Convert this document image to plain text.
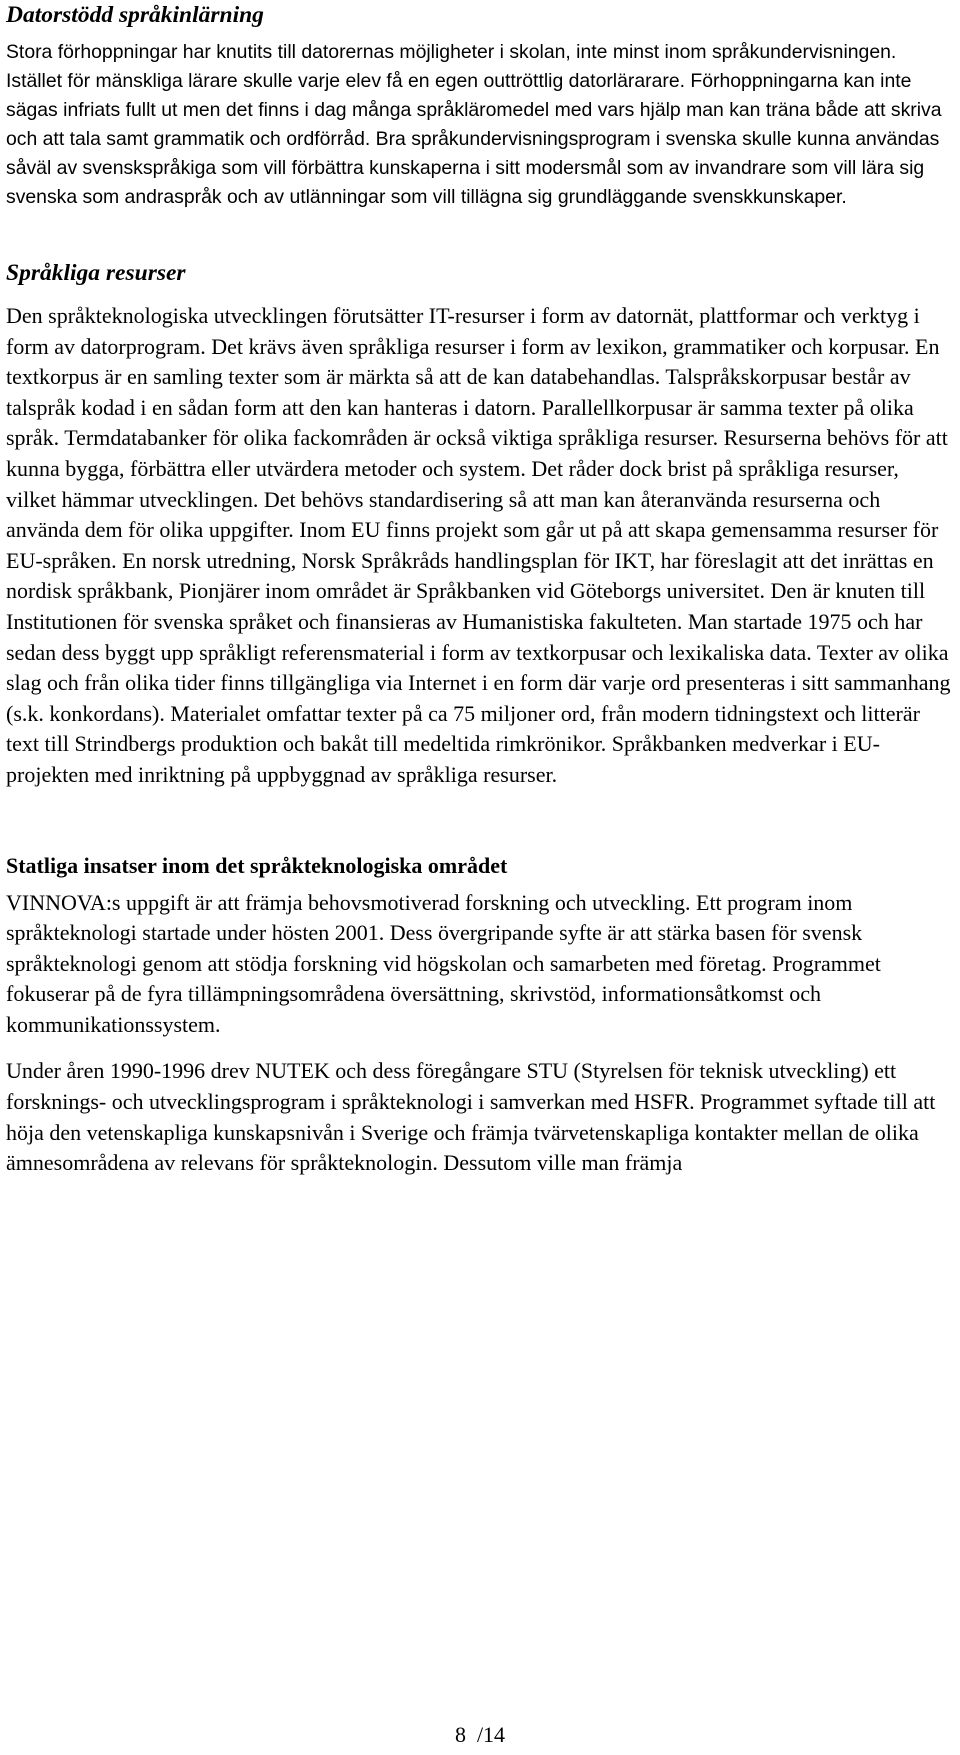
Datorstödd språkinlärning

Stora förhoppningar har knutits till datorernas möjligheter i skolan, inte minst inom språkundervisningen. Istället för mänskliga lärare skulle varje elev få en egen outtröttlig datorlärarare. Förhoppningarna kan inte sägas infriats fullt ut men det finns i dag många språkläromedel med vars hjälp man kan träna både att skriva och att tala samt grammatik och ordförråd. Bra språkundervisningsprogram i svenska skulle kunna användas såväl av svenskspråkiga som vill förbättra kunskaperna i sitt modersmål som av invandrare som vill lära sig svenska som andraspråk och av utlänningar som vill tillägna sig grundläggande svenskkunskaper.

Språkliga resurser

Den språkteknologiska utvecklingen förutsätter IT-resurser i form av datornät, plattformar och verktyg i form av datorprogram. Det krävs även språkliga resurser i form av lexikon, grammatiker och korpusar. En textkorpus är en samling texter som är märkta så att de kan databehandlas. Talspråkskorpusar består av talspråk kodad i en sådan form att den kan hanteras i datorn. Parallellkorpusar är samma texter på olika språk. Termdatabanker för olika fackområden är också viktiga språkliga resurser. Resurserna behövs för att kunna bygga, förbättra eller utvärdera metoder och system. Det råder dock brist på språkliga resurser, vilket hämmar utvecklingen. Det behövs standardisering så att man kan återanvända resurserna och använda dem för olika uppgifter. Inom EU finns projekt som går ut på att skapa gemensamma resurser för EU-språken. En norsk utredning, Norsk Språkråds handlingsplan för IKT, har föreslagit att det inrättas en nordisk språkbank, Pionjärer inom området är Språkbanken vid Göteborgs universitet. Den är knuten till Institutionen för svenska språket och finansieras av Humanistiska fakulteten. Man startade 1975 och har sedan dess byggt upp språkligt referensmaterial i form av textkorpusar och lexikaliska data. Texter av olika slag och från olika tider finns tillgängliga via Internet i en form där varje ord presenteras i sitt sammanhang (s.k. konkordans). Materialet omfattar texter på ca 75 miljoner ord, från modern tidningstext och litterär text till Strindbergs produktion och bakåt till medeltida rimkrönikor. Språkbanken medverkar i EU-projekten med inriktning på uppbyggnad av språkliga resurser.

Statliga insatser inom det språkteknologiska området

VINNOVA:s uppgift är att främja behovsmotiverad forskning och utveckling. Ett program inom språkteknologi startade under hösten 2001. Dess övergripande syfte är att stärka basen för svensk språkteknologi genom att stödja forskning vid högskolan och samarbeten med företag. Programmet fokuserar på de fyra tillämpningsområdena översättning, skrivstöd, informationsåtkomst och kommunikationssystem.

Under åren 1990-1996 drev NUTEK och dess föregångare STU (Styrelsen för teknisk utveckling) ett forsknings- och utvecklingsprogram i språkteknologi i samverkan med HSFR. Programmet syftade till att höja den vetenskapliga kunskapsnivån i Sverige och främja tvärvetenskapliga kontakter mellan de olika ämnesområdena av relevans för språkteknologin. Dessutom ville man främja

8  /14
